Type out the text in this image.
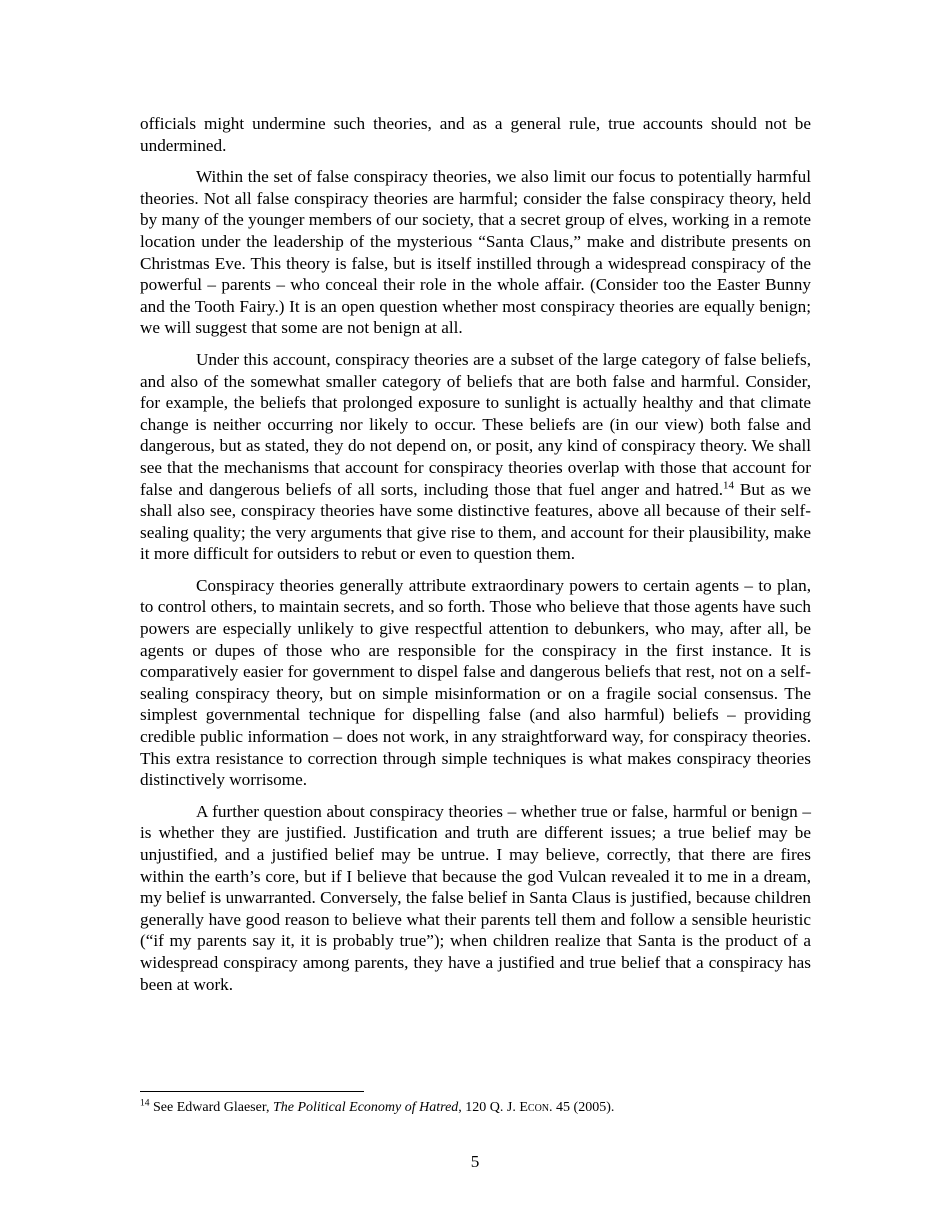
officials might undermine such theories, and as a general rule, true accounts should not be undermined.

Within the set of false conspiracy theories, we also limit our focus to potentially harmful theories. Not all false conspiracy theories are harmful; consider the false conspiracy theory, held by many of the younger members of our society, that a secret group of elves, working in a remote location under the leadership of the mysterious “Santa Claus,” make and distribute presents on Christmas Eve. This theory is false, but is itself instilled through a widespread conspiracy of the powerful – parents – who conceal their role in the whole affair. (Consider too the Easter Bunny and the Tooth Fairy.) It is an open question whether most conspiracy theories are equally benign; we will suggest that some are not benign at all.

Under this account, conspiracy theories are a subset of the large category of false beliefs, and also of the somewhat smaller category of beliefs that are both false and harmful. Consider, for example, the beliefs that prolonged exposure to sunlight is actually healthy and that climate change is neither occurring nor likely to occur. These beliefs are (in our view) both false and dangerous, but as stated, they do not depend on, or posit, any kind of conspiracy theory. We shall see that the mechanisms that account for conspiracy theories overlap with those that account for false and dangerous beliefs of all sorts, including those that fuel anger and hatred.$^{14}$ But as we shall also see, conspiracy theories have some distinctive features, above all because of their self-sealing quality; the very arguments that give rise to them, and account for their plausibility, make it more difficult for outsiders to rebut or even to question them.

Conspiracy theories generally attribute extraordinary powers to certain agents – to plan, to control others, to maintain secrets, and so forth. Those who believe that those agents have such powers are especially unlikely to give respectful attention to debunkers, who may, after all, be agents or dupes of those who are responsible for the conspiracy in the first instance. It is comparatively easier for government to dispel false and dangerous beliefs that rest, not on a self-sealing conspiracy theory, but on simple misinformation or on a fragile social consensus. The simplest governmental technique for dispelling false (and also harmful) beliefs – providing credible public information – does not work, in any straightforward way, for conspiracy theories. This extra resistance to correction through simple techniques is what makes conspiracy theories distinctively worrisome.

A further question about conspiracy theories – whether true or false, harmful or benign – is whether they are justified. Justification and truth are different issues; a true belief may be unjustified, and a justified belief may be untrue. I may believe, correctly, that there are fires within the earth’s core, but if I believe that because the god Vulcan revealed it to me in a dream, my belief is unwarranted. Conversely, the false belief in Santa Claus is justified, because children generally have good reason to believe what their parents tell them and follow a sensible heuristic (“if my parents say it, it is probably true”); when children realize that Santa is the product of a widespread conspiracy among parents, they have a justified and true belief that a conspiracy has been at work.

$^{14}$ See Edward Glaeser, The Political Economy of Hatred, 120 Q. J. Econ. 45 (2005).
5
